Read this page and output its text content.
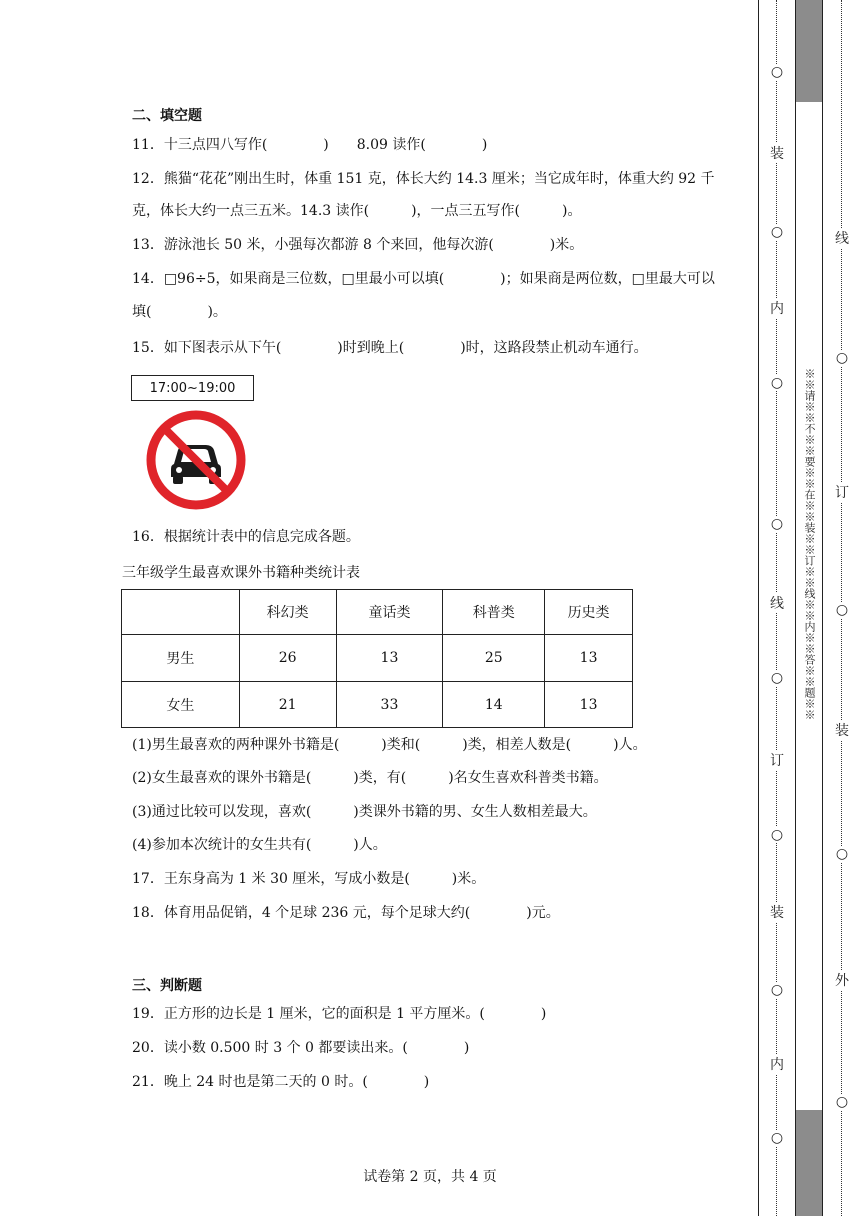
二、填空题
11．十三点四八写作(　　　　)　　8.09 读作(　　　　)
12．熊猫“花花”刚出生时，体重 151 克，体长大约 14.3 厘米；当它成年时，体重大约 92 千
克，体长大约一点三五米。14.3 读作(　　　)，一点三五写作(　　　)。
13．游泳池长 50 米，小强每次都游 8 个来回，他每次游(　　　　)米。
14．□96÷5，如果商是三位数，□里最小可以填(　　　　)；如果商是两位数，□里最大可以
填(　　　　)。
15．如下图表示从下午(　　　　)时到晚上(　　　　)时，这路段禁止机动车通行。
17:00~19:00
16．根据统计表中的信息完成各题。
三年级学生最喜欢课外书籍种类统计表
	科幻类	童话类	科普类	历史类
男生	26	13	25	13
女生	21	33	14	13
(1)男生最喜欢的两种课外书籍是(　　　)类和(　　　)类，相差人数是(　　　)人。
(2)女生最喜欢的课外书籍是(　　　)类，有(　　　)名女生喜欢科普类书籍。
(3)通过比较可以发现，喜欢(　　　)类课外书籍的男、女生人数相差最大。
(4)参加本次统计的女生共有(　　　)人。
17．王东身高为 1 米 30 厘米，写成小数是(　　　)米。
18．体育用品促销，4 个足球 236 元，每个足球大约(　　　　)元。
三、判断题
19．正方形的边长是 1 厘米，它的面积是 1 平方厘米。(　　　　)
20．读小数 0.500 时 3 个 0 都要读出来。(　　　　)
21．晚上 24 时也是第二天的 0 时。(　　　　)
试卷第 2 页，共 4 页
○
○
○
○
○
○
○
○
装
内
线
订
装
内
线
○
订
○
装
○
外
○
※※请※※不※※要※※在※※装※※订※※线※※内※※答※※题※※
